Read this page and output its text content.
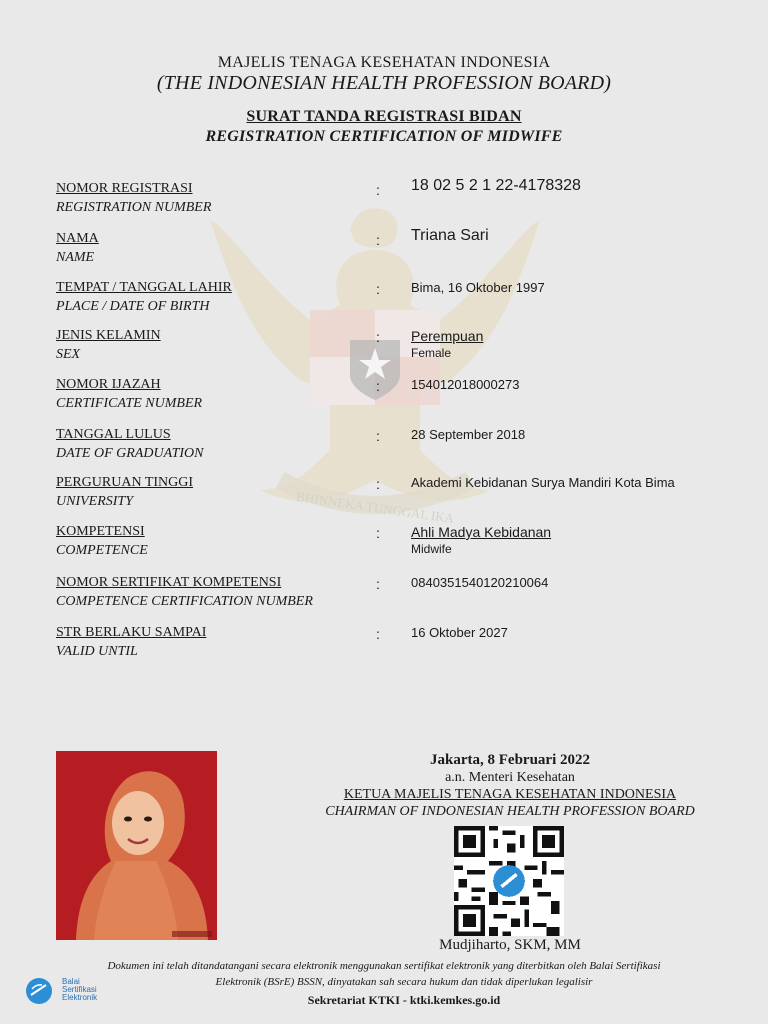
BHINNEKA TUNGGAL IKA
MAJELIS TENAGA KESEHATAN INDONESIA
(THE INDONESIAN HEALTH PROFESSION BOARD)
SURAT TANDA REGISTRASI BIDAN
REGISTRATION CERTIFICATION OF MIDWIFE
NOMOR REGISTRASI
REGISTRATION NUMBER
: 18 02 5 2 1 22-4178328
NAMA
NAME
: Triana Sari
TEMPAT / TANGGAL LAHIR
PLACE / DATE OF BIRTH
: Bima, 16 Oktober 1997
JENIS KELAMIN
SEX
: Perempuan
Female
NOMOR IJAZAH
CERTIFICATE NUMBER
: 154012018000273
TANGGAL LULUS
DATE OF GRADUATION
: 28 September 2018
PERGURUAN TINGGI
UNIVERSITY
: Akademi Kebidanan Surya Mandiri Kota Bima
KOMPETENSI
COMPETENCE
: Ahli Madya Kebidanan
Midwife
NOMOR SERTIFIKAT KOMPETENSI
COMPETENCE CERTIFICATION NUMBER
: 0840351540120210064
STR BERLAKU SAMPAI
VALID UNTIL
: 16 Oktober 2027
Jakarta, 8 Februari 2022
a.n. Menteri Kesehatan
KETUA MAJELIS TENAGA KESEHATAN INDONESIA
CHAIRMAN OF INDONESIAN HEALTH PROFESSION BOARD
Mudjiharto, SKM, MM
Dokumen ini telah ditandatangani secara elektronik menggunakan sertifikat elektronik yang diterbitkan oleh Balai Sertifikasi
Elektronik (BSrE) BSSN, dinyatakan sah secara hukum dan tidak diperlukan legalisir
Sekretariat KTKI - ktki.kemkes.go.id
Balai
Sertifikasi
Elektronik
